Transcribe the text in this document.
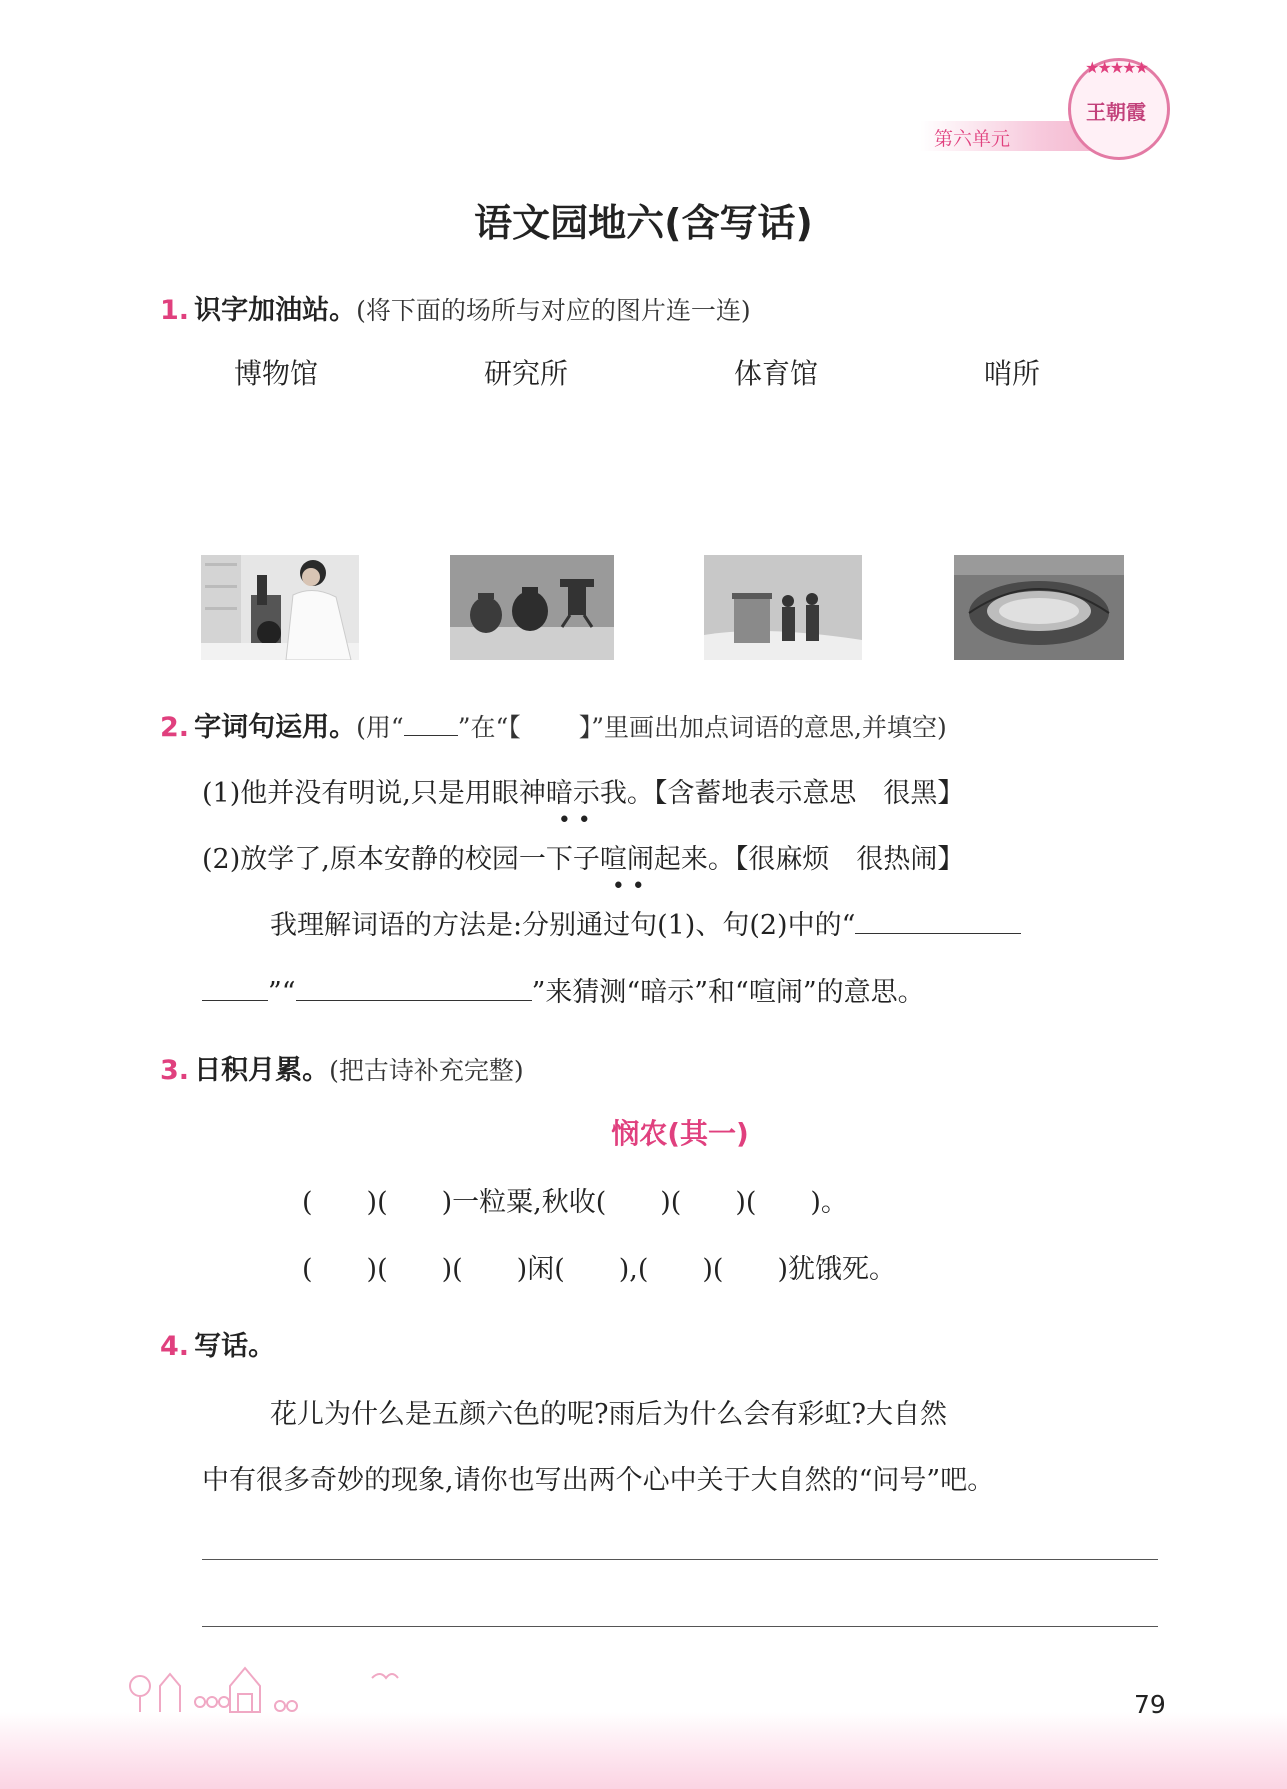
第六单元
★★★★★
王朝霞
语文园地六(含写话)
1. 识字加油站。(将下面的场所与对应的图片连一连)
博物馆	研究所	体育馆	哨所
2. 字词句运用。(用“ ”在“【 】”里画出加点词语的意思,并填空)
(1)他并没有明说,只是用眼神暗示
• •
我。【含蓄地表示意思　很黑】
(2)放学了,原本安静的校园一下子喧闹
• •
起来。【很麻烦　很热闹】
我理解词语的方法是:分别通过句(1)、句(2)中的“
”“	”来猜测“暗示”和“喧闹”的意思。
3. 日积月累。(把古诗补充完整)
悯农(其一)
(　　)(　　)一粒粟,秋收(　　)(　　)(　　)。
(　　)(　　)(　　)闲(　　),(　　)(　　)犹饿死。
4. 写话。
花儿为什么是五颜六色的呢?雨后为什么会有彩虹?大自然
中有很多奇妙的现象,请你也写出两个心中关于大自然的“问号”吧。
79
